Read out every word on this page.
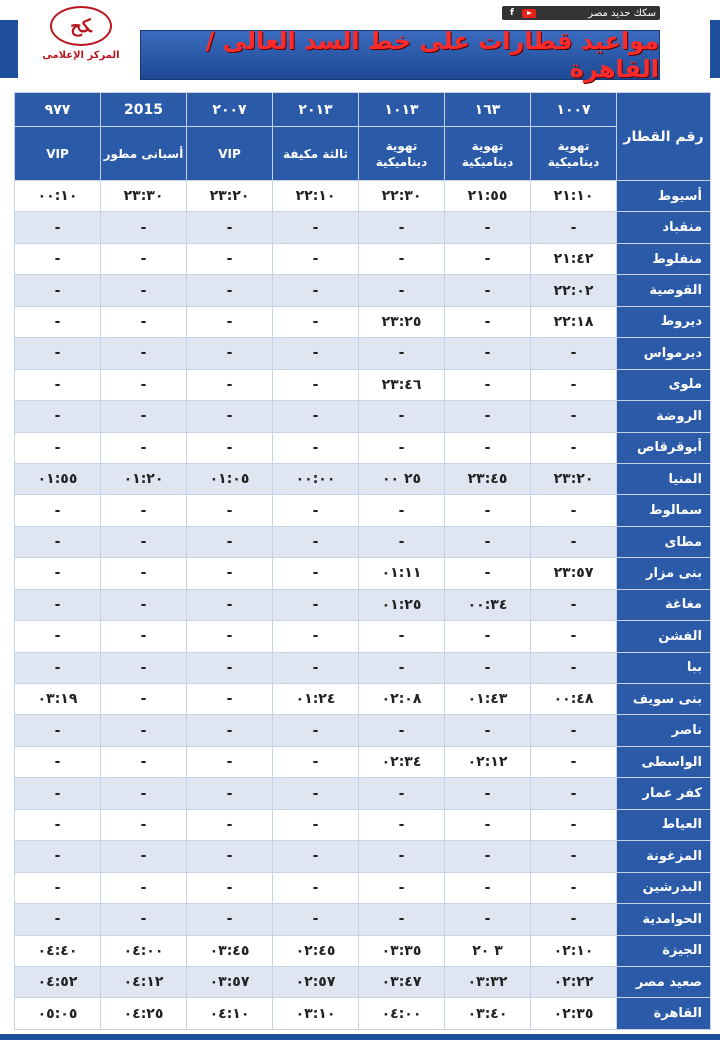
f	سكك حديد مصر
ﻜﺢ
المركز الإعلامى
مواعيد قطارات على خط السد العالى / القاهرة
رقم القطار	١٠٠٧	١٦٣	١٠١٣	٢٠١٣	٢٠٠٧	2015	٩٧٧
	تهوية ديناميكية	تهوية ديناميكية	تهوية ديناميكية	ثالثة مكيفة	VIP	أسبانى مطور	VIP
أسيوط	٢١:١٠	٢١:٥٥	٢٢:٣٠	٢٢:١٠	٢٣:٢٠	٢٣:٣٠	٠٠:١٠
منقباد	-	-	-	-	-	-	-
منفلوط	٢١:٤٢	-	-	-	-	-	-
القوصية	٢٢:٠٢	-	-	-	-	-	-
ديروط	٢٢:١٨	-	٢٣:٢٥	-	-	-	-
ديرمواس	-	-	-	-	-	-	-
ملوى	-	-	٢٣:٤٦	-	-	-	-
الروضة	-	-	-	-	-	-	-
أبوقرقاص	-	-	-	-	-	-	-
المنيا	٢٣:٢٠	٢٣:٤٥	٢٥ ٠٠	٠٠:٠٠	٠١:٠٥	٠١:٢٠	٠١:٥٥
سمالوط	-	-	-	-	-	-	-
مطاى	-	-	-	-	-	-	-
بنى مزار	٢٣:٥٧	-	٠١:١١	-	-	-	-
مغاغة	-	٠٠:٣٤	٠١:٢٥	-	-	-	-
الفشن	-	-	-	-	-	-	-
ببا	-	-	-	-	-	-	-
بنى سويف	٠٠:٤٨	٠١:٤٣	٠٢:٠٨	٠١:٢٤	-	-	٠٣:١٩
ناصر	-	-	-	-	-	-	-
الواسطى	-	٠٢:١٢	٠٢:٣٤	-	-	-	-
كفر عمار	-	-	-	-	-	-	-
العياط	-	-	-	-	-	-	-
المزغونة	-	-	-	-	-	-	-
البدرشين	-	-	-	-	-	-	-
الحوامدية	-	-	-	-	-	-	-
الجيزة	٠٢:١٠	٣ ٢٠	٠٣:٣٥	٠٢:٤٥	٠٣:٤٥	٠٤:٠٠	٠٤:٤٠
صعيد مصر	٠٢:٢٢	٠٣:٣٢	٠٣:٤٧	٠٢:٥٧	٠٣:٥٧	٠٤:١٢	٠٤:٥٢
القاهرة	٠٢:٣٥	٠٣:٤٠	٠٤:٠٠	٠٣:١٠	٠٤:١٠	٠٤:٢٥	٠٥:٠٥
